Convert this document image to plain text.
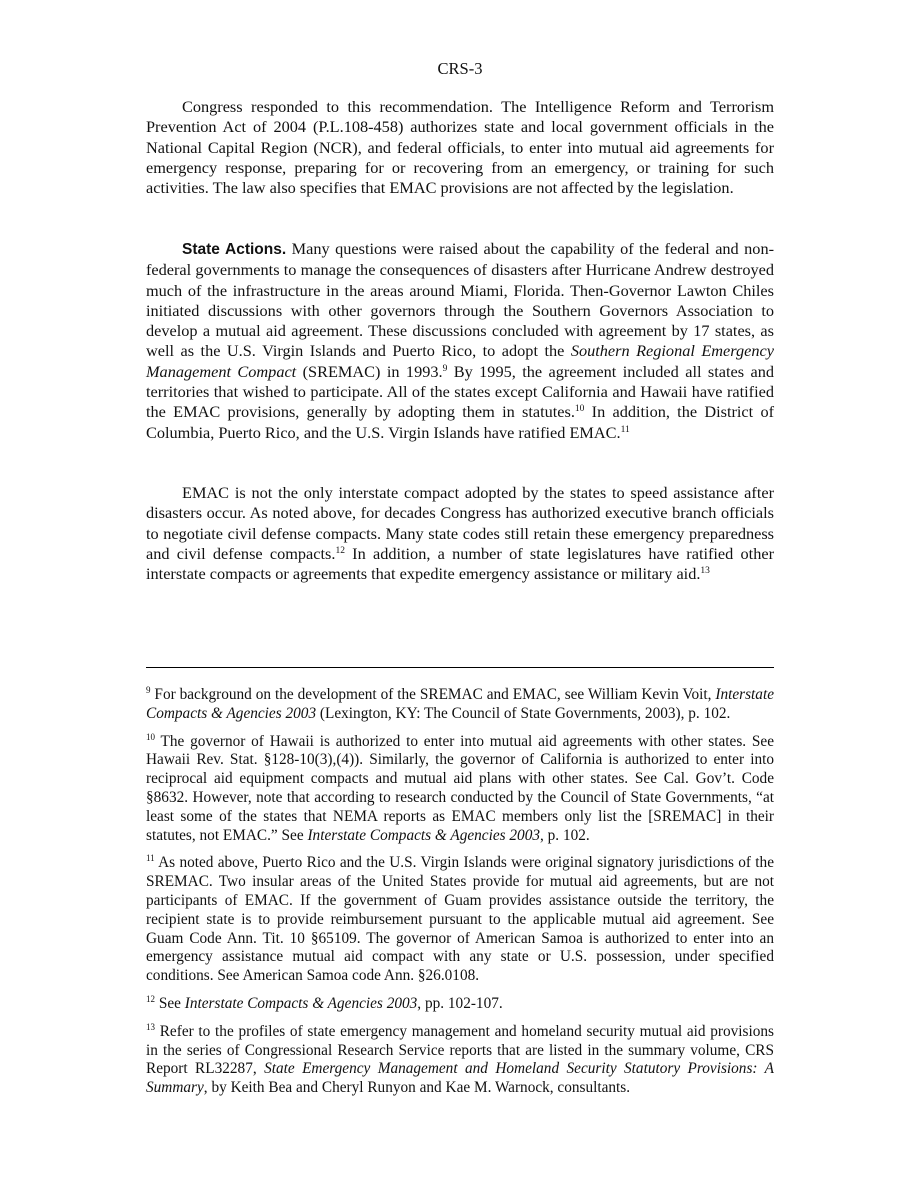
CRS-3

Congress responded to this recommendation. The Intelligence Reform and Terrorism Prevention Act of 2004 (P.L.108-458) authorizes state and local government officials in the National Capital Region (NCR), and federal officials, to enter into mutual aid agreements for emergency response, preparing for or recovering from an emergency, or training for such activities. The law also specifies that EMAC provisions are not affected by the legislation.

State Actions. Many questions were raised about the capability of the federal and non-federal governments to manage the consequences of disasters after Hurricane Andrew destroyed much of the infrastructure in the areas around Miami, Florida. Then-Governor Lawton Chiles initiated discussions with other governors through the Southern Governors Association to develop a mutual aid agreement. These discussions concluded with agreement by 17 states, as well as the U.S. Virgin Islands and Puerto Rico, to adopt the Southern Regional Emergency Management Compact (SREMAC) in 1993.$^9$ By 1995, the agreement included all states and territories that wished to participate. All of the states except California and Hawaii have ratified the EMAC provisions, generally by adopting them in statutes.$^{10}$ In addition, the District of Columbia, Puerto Rico, and the U.S. Virgin Islands have ratified EMAC.$^{11}$

EMAC is not the only interstate compact adopted by the states to speed assistance after disasters occur. As noted above, for decades Congress has authorized executive branch officials to negotiate civil defense compacts. Many state codes still retain these emergency preparedness and civil defense compacts.$^{12}$ In addition, a number of state legislatures have ratified other interstate compacts or agreements that expedite emergency assistance or military aid.$^{13}$

$^9$ For background on the development of the SREMAC and EMAC, see William Kevin Voit, Interstate Compacts & Agencies 2003 (Lexington, KY: The Council of State Governments, 2003), p. 102.

$^{10}$ The governor of Hawaii is authorized to enter into mutual aid agreements with other states. See Hawaii Rev. Stat. §128-10(3),(4)). Similarly, the governor of California is authorized to enter into reciprocal aid equipment compacts and mutual aid plans with other states. See Cal. Gov’t. Code §8632. However, note that according to research conducted by the Council of State Governments, “at least some of the states that NEMA reports as EMAC members only list the [SREMAC] in their statutes, not EMAC.” See Interstate Compacts & Agencies 2003, p. 102.

$^{11}$ As noted above, Puerto Rico and the U.S. Virgin Islands were original signatory jurisdictions of the SREMAC. Two insular areas of the United States provide for mutual aid agreements, but are not participants of EMAC. If the government of Guam provides assistance outside the territory, the recipient state is to provide reimbursement pursuant to the applicable mutual aid agreement. See Guam Code Ann. Tit. 10 §65109. The governor of American Samoa is authorized to enter into an emergency assistance mutual aid compact with any state or U.S. possession, under specified conditions. See American Samoa code Ann. §26.0108.

$^{12}$ See Interstate Compacts & Agencies 2003, pp. 102-107.

$^{13}$ Refer to the profiles of state emergency management and homeland security mutual aid provisions in the series of Congressional Research Service reports that are listed in the summary volume, CRS Report RL32287, State Emergency Management and Homeland Security Statutory Provisions: A Summary, by Keith Bea and Cheryl Runyon and Kae M. Warnock, consultants.
